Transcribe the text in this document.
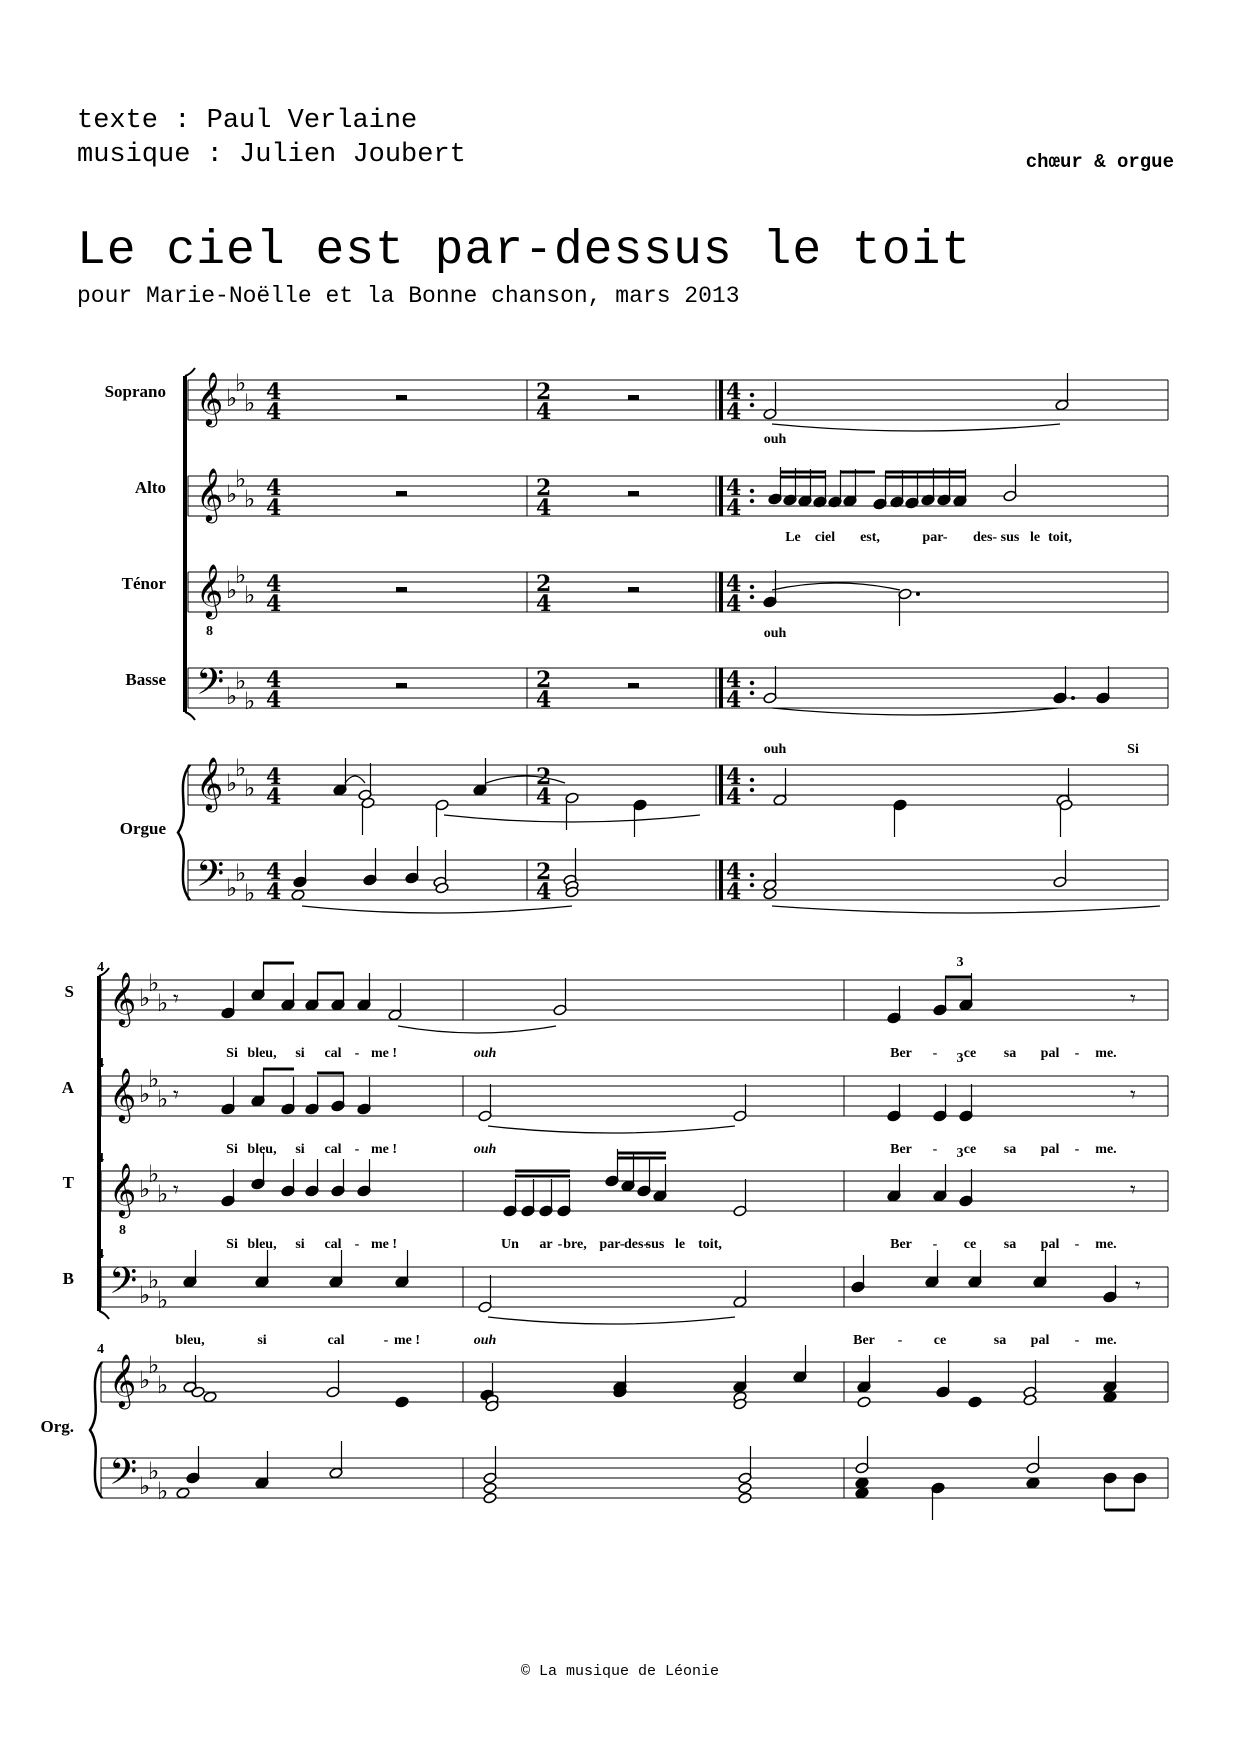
texte : Paul Verlaine
musique : Julien Joubert	chœur & orgue
Le ciel est par-dessus le toit
pour Marie-Noëlle et la Bonne chanson, mars 2013
Soprano
Alto
Ténor
Basse
Orgue
𝄞 ♭
♭
♭ 4
4
2
4
4
4
𝄞 ♭
♭
♭ 4
4
2
4
4
4
𝄞
8
♭
♭
♭ 4
4
2
4
4
4
𝄢 ♭
♭
♭
4
4
2
4
4
4
𝄞 ♭
♭
♭ 4
4
2
4
4
4
𝄢 ♭
♭
♭
4
4
2
4
4
4
ouh
Le ciel est,	par- des- sus le toit,
ouh
ouh	Si
S
A
T
B
Org.
𝄞 ♭
♭
♭
4
𝄞 ♭
♭
♭
4
𝄞
8
♭
♭
♭
4
𝄢 ♭
♭
♭
4
𝄞 ♭
♭
♭
4
𝄢 ♭
♭
♭
𝄾
3
𝄾
Si bleu, si cal - me !	ouh	Ber - ce sa pal - me.
𝄾
3
𝄾
Si bleu, si cal - me !	ouh	Ber - ce sa pal - me.
𝄾
3
𝄾
Si bleu, si cal - me !	Un ar - bre, par- des-
sus le toit,	Ber - ce sa pal - me.
𝄾
bleu,	si	cal	- me !	ouh	Ber - ce	sa pal - me.
© La musique de Léonie
